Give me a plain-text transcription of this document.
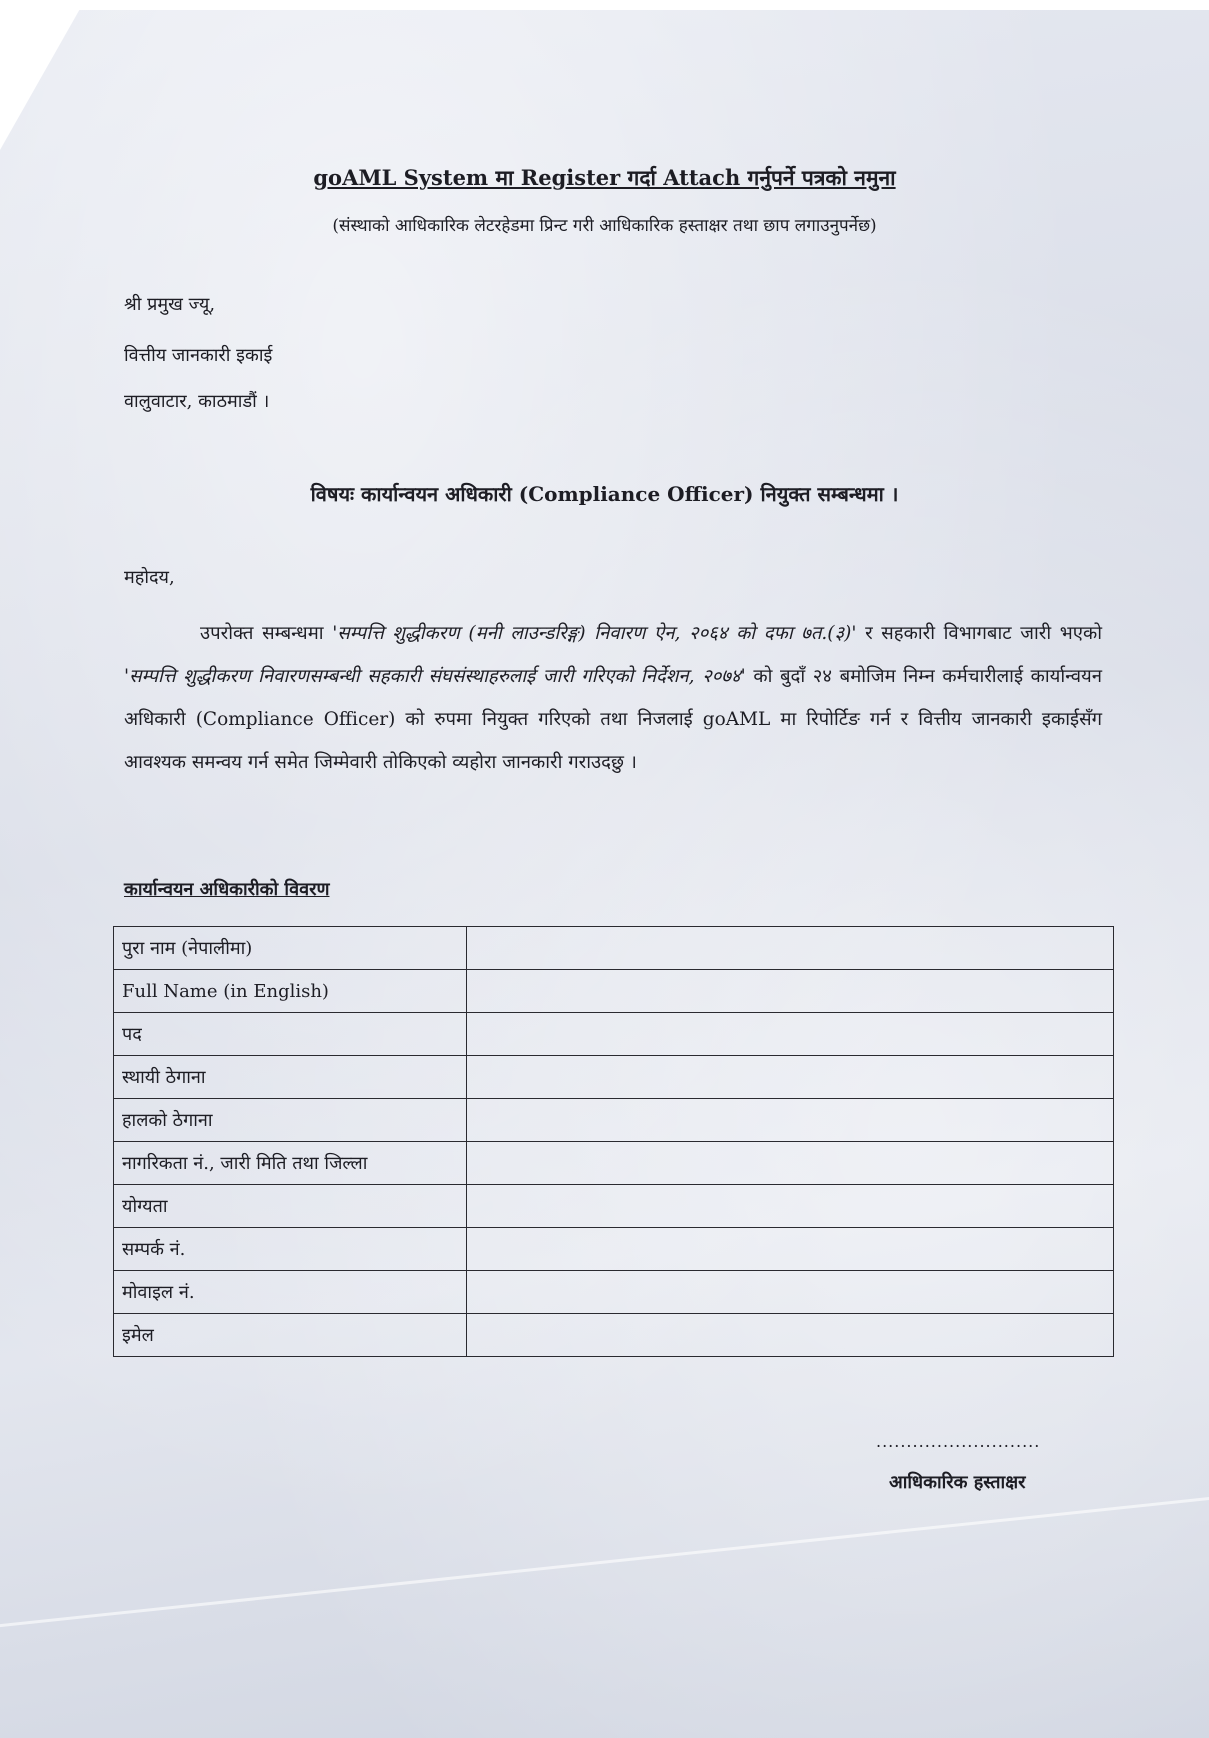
goAML System मा Register गर्दा Attach गर्नुपर्ने पत्रको नमुना
(संस्थाको आधिकारिक लेटरहेडमा प्रिन्ट गरी आधिकारिक हस्ताक्षर तथा छाप लगाउनुपर्नेछ)
श्री प्रमुख ज्यू,
वित्तीय जानकारी इकाई
वालुवाटार, काठमाडौं ।
विषयः कार्यान्वयन अधिकारी (Compliance Officer) नियुक्त सम्बन्धमा ।
महोदय,
उपरोक्त सम्बन्धमा 'सम्पत्ति शुद्धीकरण (मनी लाउन्डरिङ्ग) निवारण ऐन, २०६४ को दफा ७त.(३)' र सहकारी विभागबाट जारी भएको 'सम्पत्ति शुद्धीकरण निवारणसम्बन्धी सहकारी संघसंस्थाहरुलाई जारी गरिएको निर्देशन, २०७४' को बुदाँ २४ बमोजिम निम्न कर्मचारीलाई कार्यान्वयन अधिकारी (Compliance Officer) को रुपमा नियुक्त गरिएको तथा निजलाई goAML मा रिपोर्टिङ गर्न र वित्तीय जानकारी इकाईसँग आवश्यक समन्वय गर्न समेत जिम्मेवारी तोकिएको व्यहोरा जानकारी गराउदछु ।
कार्यान्वयन अधिकारीको विवरण
पुरा नाम (नेपालीमा)	
Full Name (in English)	
पद	
स्थायी ठेगाना	
हालको ठेगाना	
नागरिकता नं., जारी मिति तथा जिल्ला	
योग्यता	
सम्पर्क नं.	
मोवाइल नं.	
इमेल	
...........................
आधिकारिक हस्ताक्षर
